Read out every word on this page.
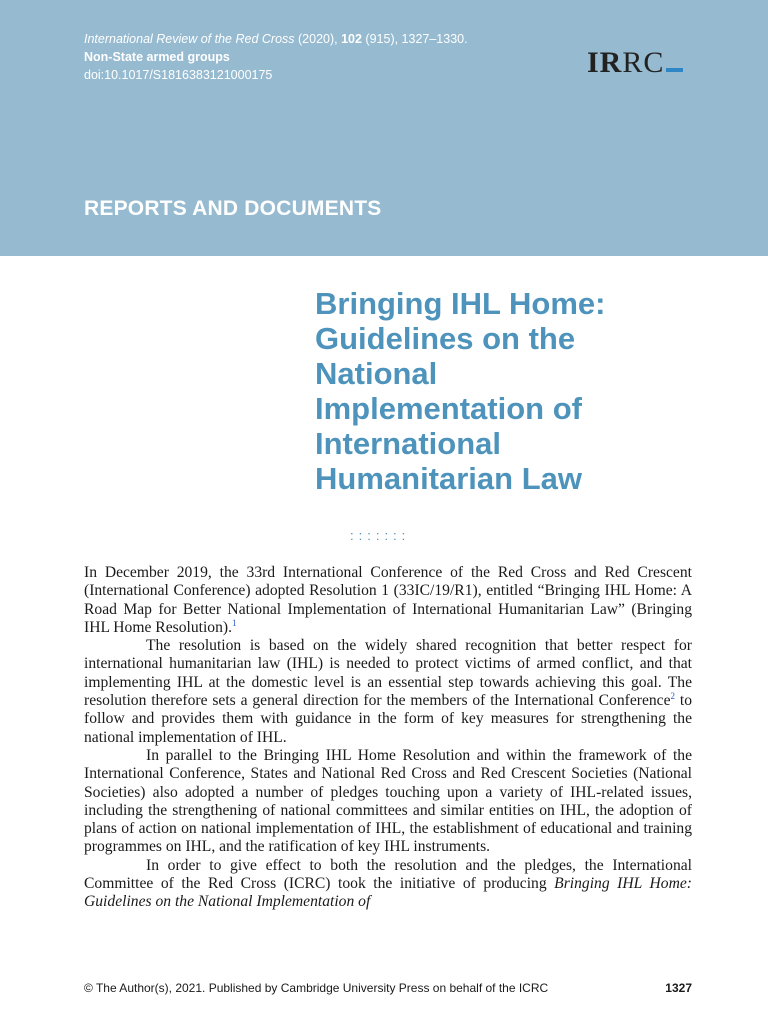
International Review of the Red Cross (2020), 102 (915), 1327–1330.
Non-State armed groups
doi:10.1017/S1816383121000175	IRRC
REPORTS AND DOCUMENTS
Bringing IHL Home:
Guidelines on the
National
Implementation of
International
Humanitarian Law
:::::::

In December 2019, the 33rd International Conference of the Red Cross and Red Crescent (International Conference) adopted Resolution 1 (33IC/19/R1), entitled “Bringing IHL Home: A Road Map for Better National Implementation of International Humanitarian Law” (Bringing IHL Home Resolution).$^1$

The resolution is based on the widely shared recognition that better respect for international humanitarian law (IHL) is needed to protect victims of armed conflict, and that implementing IHL at the domestic level is an essential step towards achieving this goal. The resolution therefore sets a general direction for the members of the International Conference$^2$ to follow and provides them with guidance in the form of key measures for strengthening the national implementation of IHL.

In parallel to the Bringing IHL Home Resolution and within the framework of the International Conference, States and National Red Cross and Red Crescent Societies (National Societies) also adopted a number of pledges touching upon a variety of IHL-related issues, including the strengthening of national committees and similar entities on IHL, the adoption of plans of action on national implementation of IHL, the establishment of educational and training programmes on IHL, and the ratification of key IHL instruments.

In order to give effect to both the resolution and the pledges, the International Committee of the Red Cross (ICRC) took the initiative of producing Bringing IHL Home: Guidelines on the National Implementation of

© The Author(s), 2021. Published by Cambridge University Press on behalf of the ICRC	1327
